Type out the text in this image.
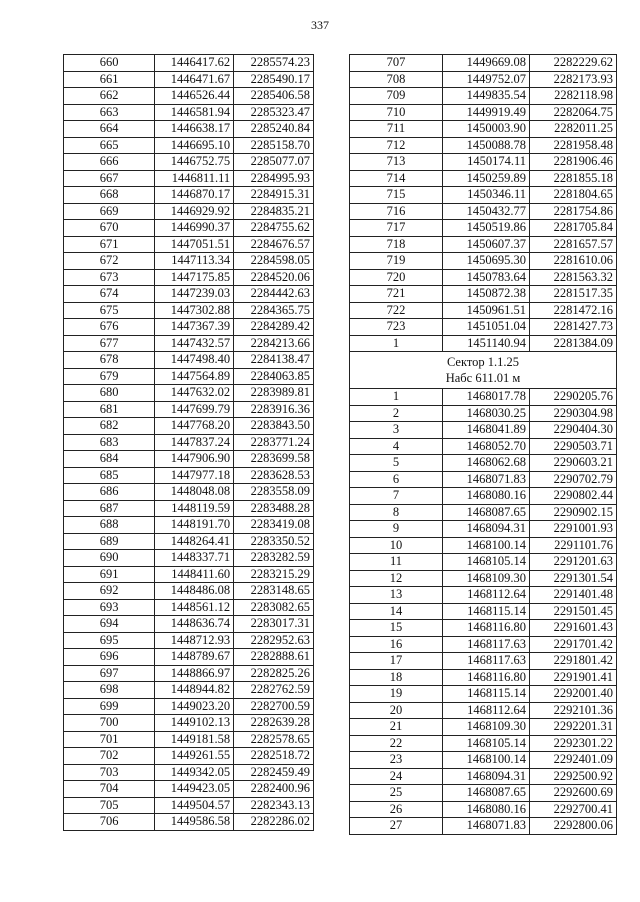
337
660	1446417.62	2285574.23
661	1446471.67	2285490.17
662	1446526.44	2285406.58
663	1446581.94	2285323.47
664	1446638.17	2285240.84
665	1446695.10	2285158.70
666	1446752.75	2285077.07
667	1446811.11	2284995.93
668	1446870.17	2284915.31
669	1446929.92	2284835.21
670	1446990.37	2284755.62
671	1447051.51	2284676.57
672	1447113.34	2284598.05
673	1447175.85	2284520.06
674	1447239.03	2284442.63
675	1447302.88	2284365.75
676	1447367.39	2284289.42
677	1447432.57	2284213.66
678	1447498.40	2284138.47
679	1447564.89	2284063.85
680	1447632.02	2283989.81
681	1447699.79	2283916.36
682	1447768.20	2283843.50
683	1447837.24	2283771.24
684	1447906.90	2283699.58
685	1447977.18	2283628.53
686	1448048.08	2283558.09
687	1448119.59	2283488.28
688	1448191.70	2283419.08
689	1448264.41	2283350.52
690	1448337.71	2283282.59
691	1448411.60	2283215.29
692	1448486.08	2283148.65
693	1448561.12	2283082.65
694	1448636.74	2283017.31
695	1448712.93	2282952.63
696	1448789.67	2282888.61
697	1448866.97	2282825.26
698	1448944.82	2282762.59
699	1449023.20	2282700.59
700	1449102.13	2282639.28
701	1449181.58	2282578.65
702	1449261.55	2282518.72
703	1449342.05	2282459.49
704	1449423.05	2282400.96
705	1449504.57	2282343.13
706	1449586.58	2282286.02
707	1449669.08	2282229.62
708	1449752.07	2282173.93
709	1449835.54	2282118.98
710	1449919.49	2282064.75
711	1450003.90	2282011.25
712	1450088.78	2281958.48
713	1450174.11	2281906.46
714	1450259.89	2281855.18
715	1450346.11	2281804.65
716	1450432.77	2281754.86
717	1450519.86	2281705.84
718	1450607.37	2281657.57
719	1450695.30	2281610.06
720	1450783.64	2281563.32
721	1450872.38	2281517.35
722	1450961.51	2281472.16
723	1451051.04	2281427.73
1	1451140.94	2281384.09

Сектор 1.1.25
Набс 611.01 м		

1	1468017.78	2290205.76
2	1468030.25	2290304.98
3	1468041.89	2290404.30
4	1468052.70	2290503.71
5	1468062.68	2290603.21
6	1468071.83	2290702.79
7	1468080.16	2290802.44
8	1468087.65	2290902.15
9	1468094.31	2291001.93
10	1468100.14	2291101.76
11	1468105.14	2291201.63
12	1468109.30	2291301.54
13	1468112.64	2291401.48
14	1468115.14	2291501.45
15	1468116.80	2291601.43
16	1468117.63	2291701.42
17	1468117.63	2291801.42
18	1468116.80	2291901.41
19	1468115.14	2292001.40
20	1468112.64	2292101.36
21	1468109.30	2292201.31
22	1468105.14	2292301.22
23	1468100.14	2292401.09
24	1468094.31	2292500.92
25	1468087.65	2292600.69
26	1468080.16	2292700.41
27	1468071.83	2292800.06
